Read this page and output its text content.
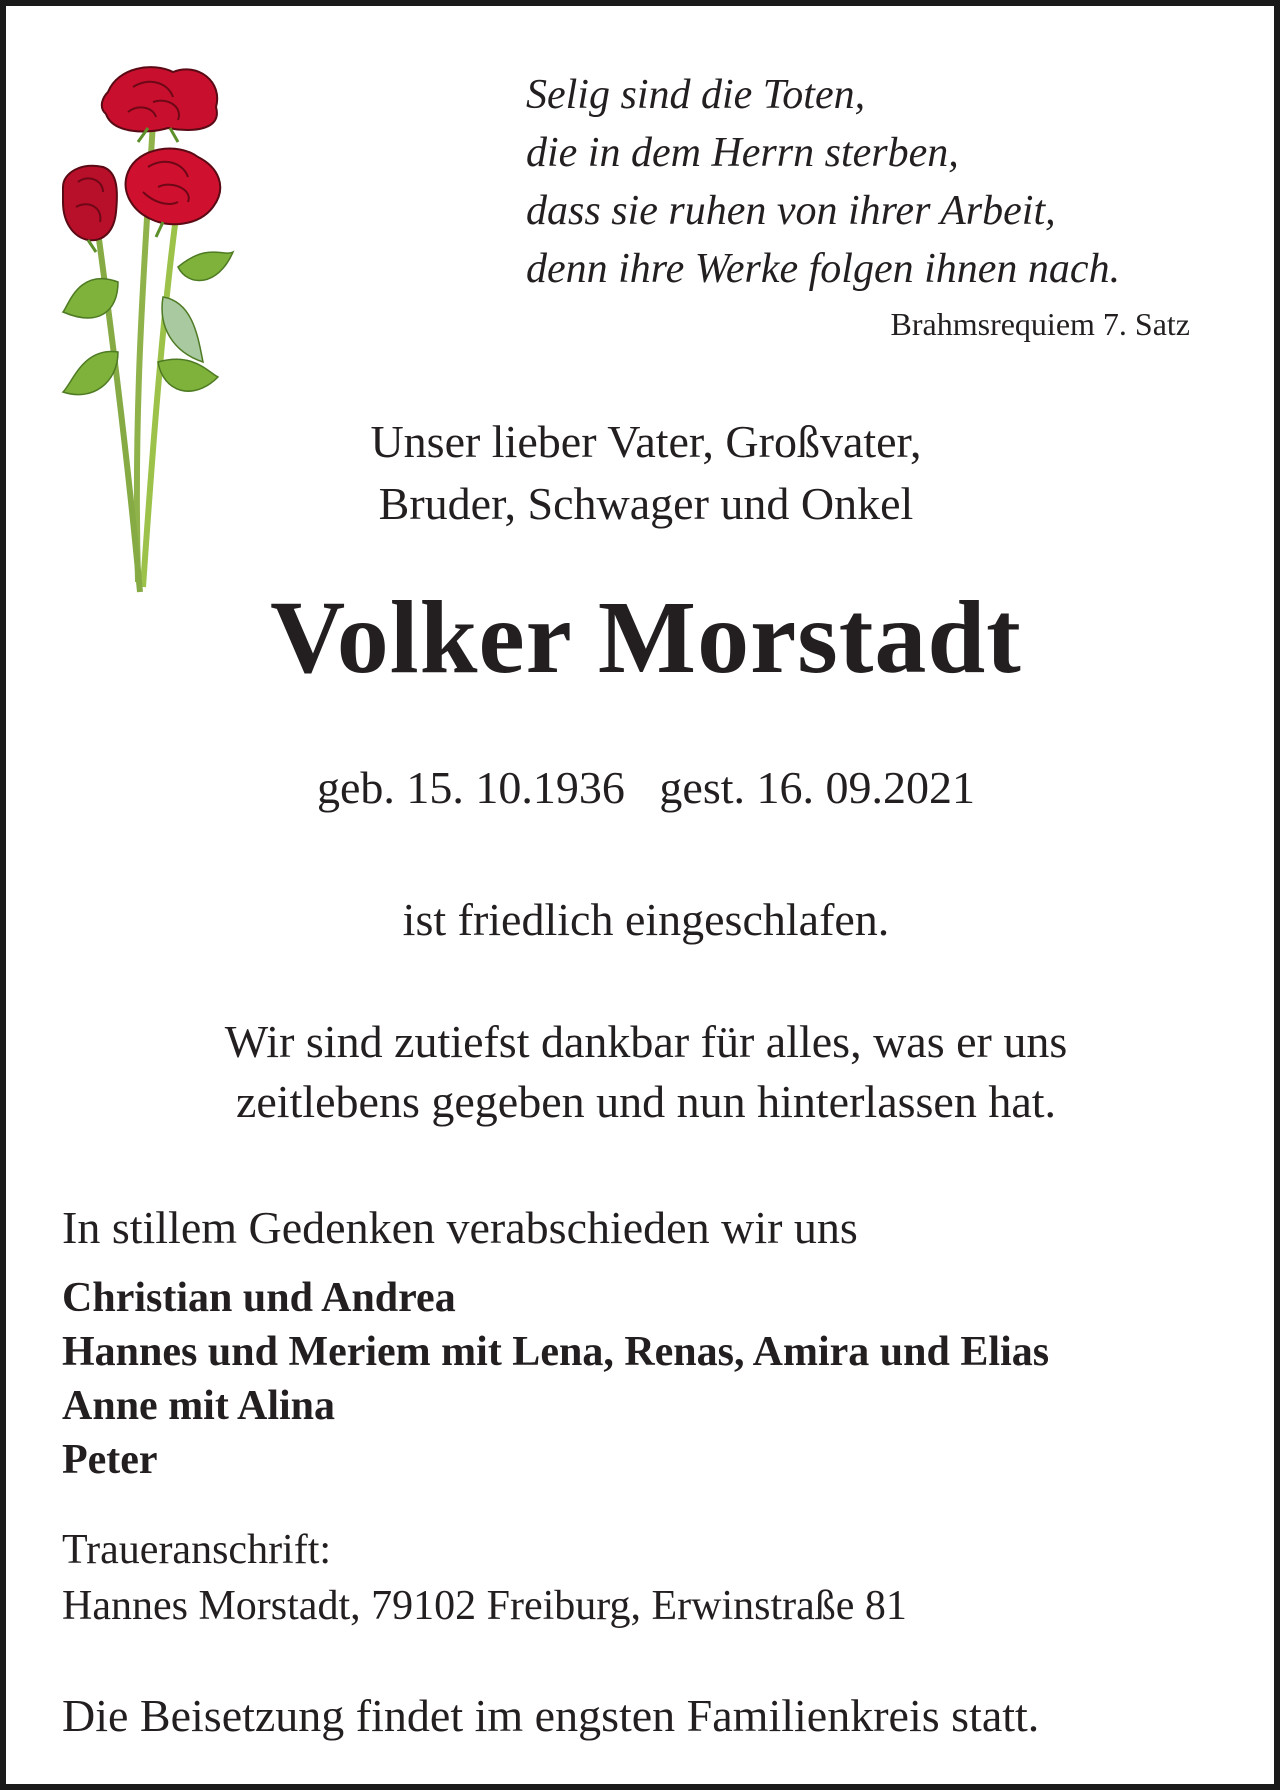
Selig sind die Toten,
die in dem Herrn sterben,
dass sie ruhen von ihrer Arbeit,
denn ihre Werke folgen ihnen nach.
Brahmsrequiem 7. Satz
Unser lieber Vater, Großvater,
Bruder, Schwager und Onkel
Volker Morstadt
geb. 15. 10.1936   gest. 16. 09.2021
ist friedlich eingeschlafen.
Wir sind zutiefst dankbar für alles, was er uns
zeitlebens gegeben und nun hinterlassen hat.
In stillem Gedenken verabschieden wir uns
Christian und Andrea
Hannes und Meriem mit Lena, Renas, Amira und Elias
Anne mit Alina
Peter
Traueranschrift:
Hannes Morstadt, 79102 Freiburg, Erwinstraße 81
Die Beisetzung findet im engsten Familienkreis statt.
